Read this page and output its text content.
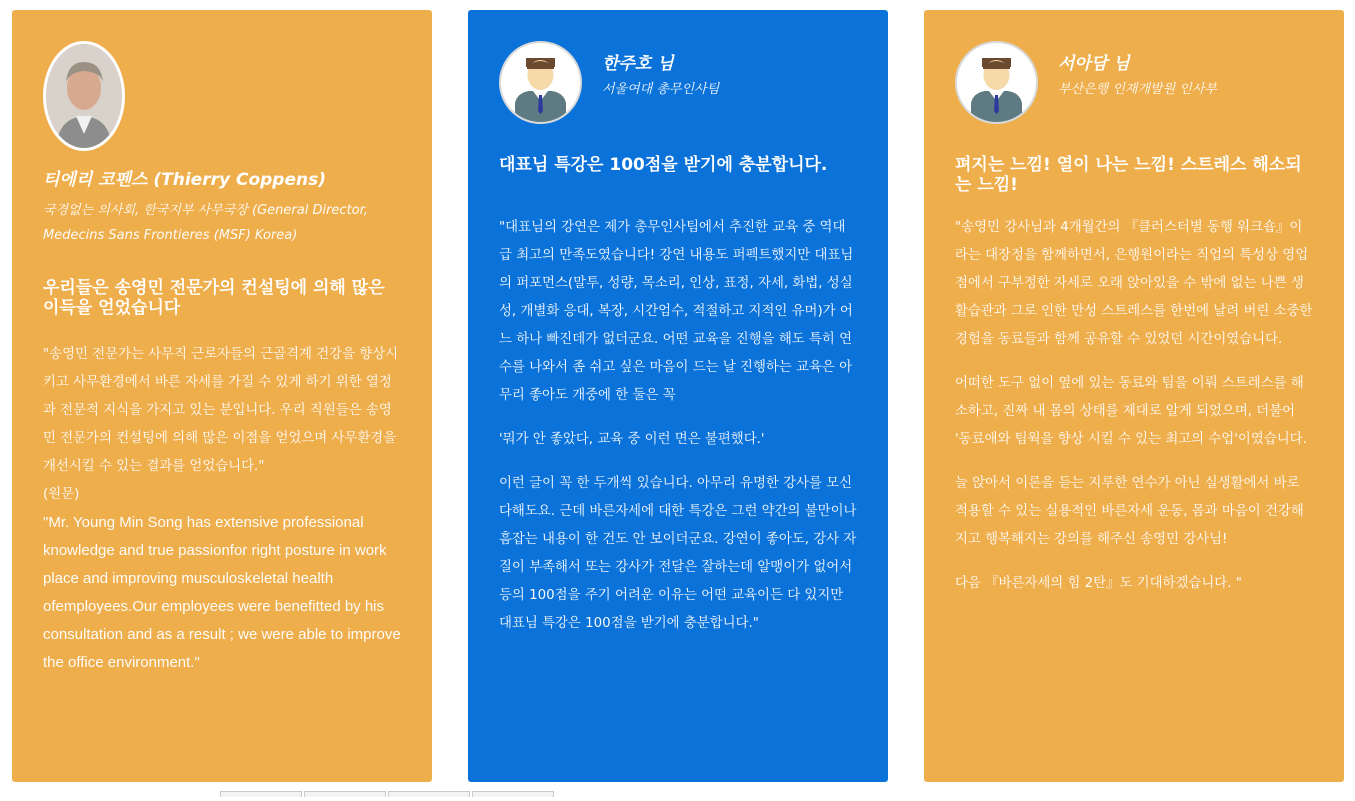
티에리 코펜스 (Thierry Coppens)
국경없는 의사회, 한국지부 사무국장 (General Director, Medecins Sans Frontieres (MSF) Korea)
우리들은 송영민 전문가의 컨설팅에 의해 많은 이득을 얻었습니다

"송영민 전문가는 사무직 근로자들의 근골격계 건강을 향상시키고 사무환경에서 바른 자세를 가질 수 있게 하기 위한 열정과 전문적 지식을 가지고 있는 분입니다. 우리 직원들은 송영민 전문가의 컨설팅에 의해 많은 이점을 얻었으며 사무환경을 개선시킬 수 있는 결과를 얻었습니다."

(원문)

"Mr. Young Min Song has extensive professional knowledge and true passionfor right posture in work place and improving musculoskeletal health ofemployees.Our employees were benefitted by his consultation and as a result ; we were able to improve the office environment."

한주호 님
서울여대 총무인사팀
대표님 특강은 100점을 받기에 충분합니다.

"대표님의 강연은 제가 총무인사팀에서 추진한 교육 중 역대급 최고의 만족도였습니다! 강연 내용도 퍼펙트했지만 대표님의 퍼포먼스(말투, 성량, 목소리, 인상, 표정, 자세, 화법, 성실성, 개별화 응대, 복장, 시간엄수, 적절하고 지적인 유머)가 어느 하나 빠진데가 없더군요. 어떤 교육을 진행을 해도 특히 연수를 나와서 좀 쉬고 싶은 마음이 드는 날 진행하는 교육은 아무리 좋아도 개중에 한 둘은 꼭

'뭐가 안 좋았다, 교육 중 이런 면은 불편했다.'

이런 글이 꼭 한 두개씩 있습니다. 아무리 유명한 강사를 모신다해도요. 근데 바른자세에 대한 특강은 그런 약간의 불만이나 흠잡는 내용이 한 건도 안 보이더군요. 강연이 좋아도, 강사 자질이 부족해서 또는 강사가 전달은 잘하는데 알맹이가 없어서 등의 100점을 주기 어려운 이유는 어떤 교육이든 다 있지만 대표님 특강은 100점을 받기에 충분합니다."

서아담 님
부산은행 인재개발원 인사부
펴지는 느낌! 열이 나는 느낌! 스트레스 해소되는 느낌!

"송영민 강사님과 4개월간의 『클러스터별 동행 워크숍』이라는 대장정을 함께하면서, 은행원이라는 직업의 특성상 영업점에서 구부정한 자세로 오래 앉아있을 수 밖에 없는 나쁜 생활습관과 그로 인한 만성 스트레스를 한번에 날려 버린 소중한 경험을 동료들과 함께 공유할 수 있었던 시간이였습니다.

어떠한 도구 없이 옆에 있는 동료와 팀을 이뤄 스트레스를 해소하고, 진짜 내 몸의 상태를 제대로 알게 되었으며, 더불어 '동료애와 팀웍을 향상 시킬 수 있는 최고의 수업'이였습니다.

늘 앉아서 이론을 듣는 지루한 연수가 아닌 실생활에서 바로 적용할 수 있는 실용적인 바른자세 운동, 몸과 마음이 건강해지고 행복해지는 강의를 해주신 송영민 강사님!

다음 『바른자세의 힘 2탄』도 기대하겠습니다. "
